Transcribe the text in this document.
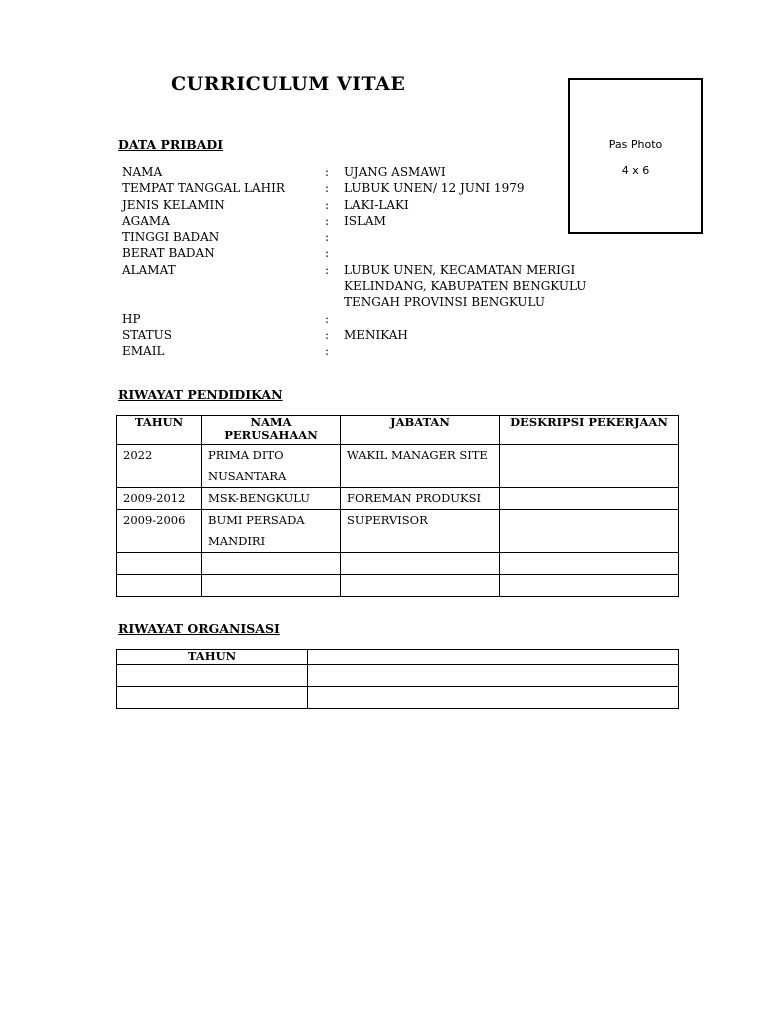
CURRICULUM VITAE
Pas Photo
4 x 6
DATA PRIBADI
NAMA	: UJANG ASMAWI
TEMPAT TANGGAL LAHIR	: LUBUK UNEN/ 12 JUNI 1979
JENIS KELAMIN	: LAKI-LAKI
AGAMA	: ISLAM
TINGGI BADAN	:
BERAT BADAN	:
ALAMAT	: LUBUK UNEN, KECAMATAN MERIGI KELINDANG, KABUPATEN BENGKULU TENGAH PROVINSI BENGKULU
HP	:
STATUS	: MENIKAH
EMAIL	:
RIWAYAT PENDIDIKAN
TAHUN	NAMA PERUSAHAAN	JABATAN	DESKRIPSI PEKERJAAN
2022	PRIMA DITO NUSANTARA	WAKIL MANAGER SITE	
2009-2012	MSK-BENGKULU	FOREMAN PRODUKSI	
2009-2006	BUMI PERSADA MANDIRI	SUPERVISOR	

RIWAYAT ORGANISASI
TAHUN	
